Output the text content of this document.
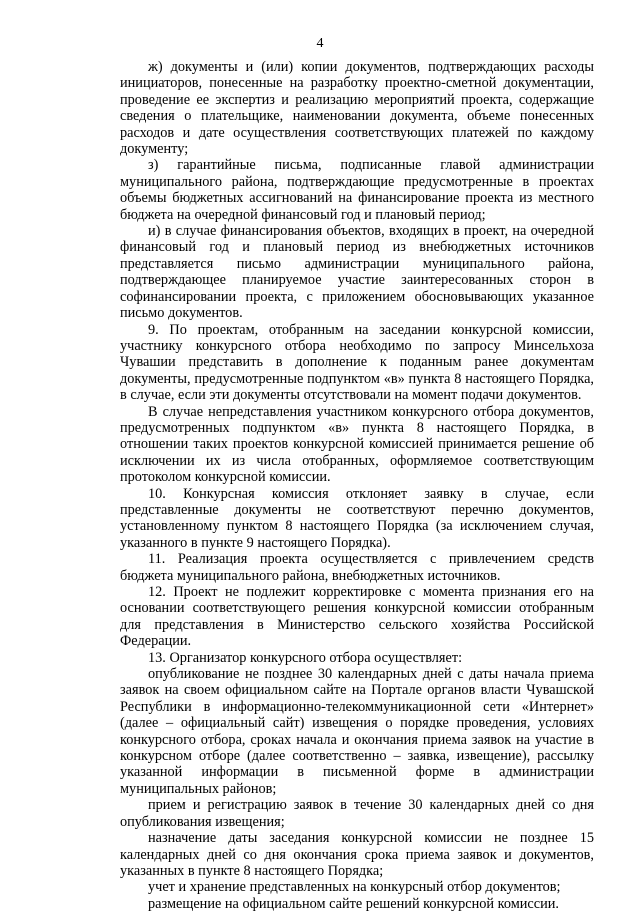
4

ж) документы и (или) копии документов, подтверждающих расходы инициаторов, понесенные на разработку проектно-сметной документации, проведение ее экспертиз и реализацию мероприятий проекта, содержащие сведения о плательщике, наименовании документа, объеме понесенных расходов и дате осуществления соответствующих платежей по каждому документу;

з) гарантийные письма, подписанные главой администрации муниципального района, подтверждающие предусмотренные в проектах объемы бюджетных ассигнований на финансирование проекта из местного бюджета на очередной финансовый год и плановый период;

и) в случае финансирования объектов, входящих в проект, на очередной финансовый год и плановый период из внебюджетных источников представляется письмо администрации муниципального района, подтверждающее планируемое участие заинтересованных сторон в софинансировании проекта, с приложением обосновывающих указанное письмо документов.

9. По проектам, отобранным на заседании конкурсной комиссии, участнику конкурсного отбора необходимо по запросу Минсельхоза Чувашии представить в дополнение к поданным ранее документам документы, предусмотренные подпунктом «в» пункта 8 настоящего Порядка, в случае, если эти документы отсутствовали на момент подачи документов.

В случае непредставления участником конкурсного отбора документов, предусмотренных подпунктом «в» пункта 8 настоящего Порядка, в отношении таких проектов конкурсной комиссией принимается решение об исключении их из числа отобранных, оформляемое соответствующим протоколом конкурсной комиссии.

10. Конкурсная комиссия отклоняет заявку в случае, если представленные документы не соответствуют перечню документов, установленному пунктом 8 настоящего Порядка (за исключением случая, указанного в пункте 9 настоящего Порядка).

11. Реализация проекта осуществляется с привлечением средств бюджета муниципального района, внебюджетных источников.

12. Проект не подлежит корректировке с момента признания его на основании соответствующего решения конкурсной комиссии отобранным для представления в Министерство сельского хозяйства Российской Федерации.

13. Организатор конкурсного отбора осуществляет:

опубликование не позднее 30 календарных дней с даты начала приема заявок на своем официальном сайте на Портале органов власти Чувашской Республики в информационно-телекоммуникационной сети «Интернет» (далее – официальный сайт) извещения о порядке проведения, условиях конкурсного отбора, сроках начала и окончания приема заявок на участие в конкурсном отборе (далее соответственно – заявка, извещение), рассылку указанной информации в письменной форме в администрации муниципальных районов;

прием и регистрацию заявок в течение 30 календарных дней со дня опубликования извещения;

назначение даты заседания конкурсной комиссии не позднее 15 календарных дней со дня окончания срока приема заявок и документов, указанных в пункте 8 настоящего Порядка;

учет и хранение представленных на конкурсный отбор документов;

размещение на официальном сайте решений конкурсной комиссии.
